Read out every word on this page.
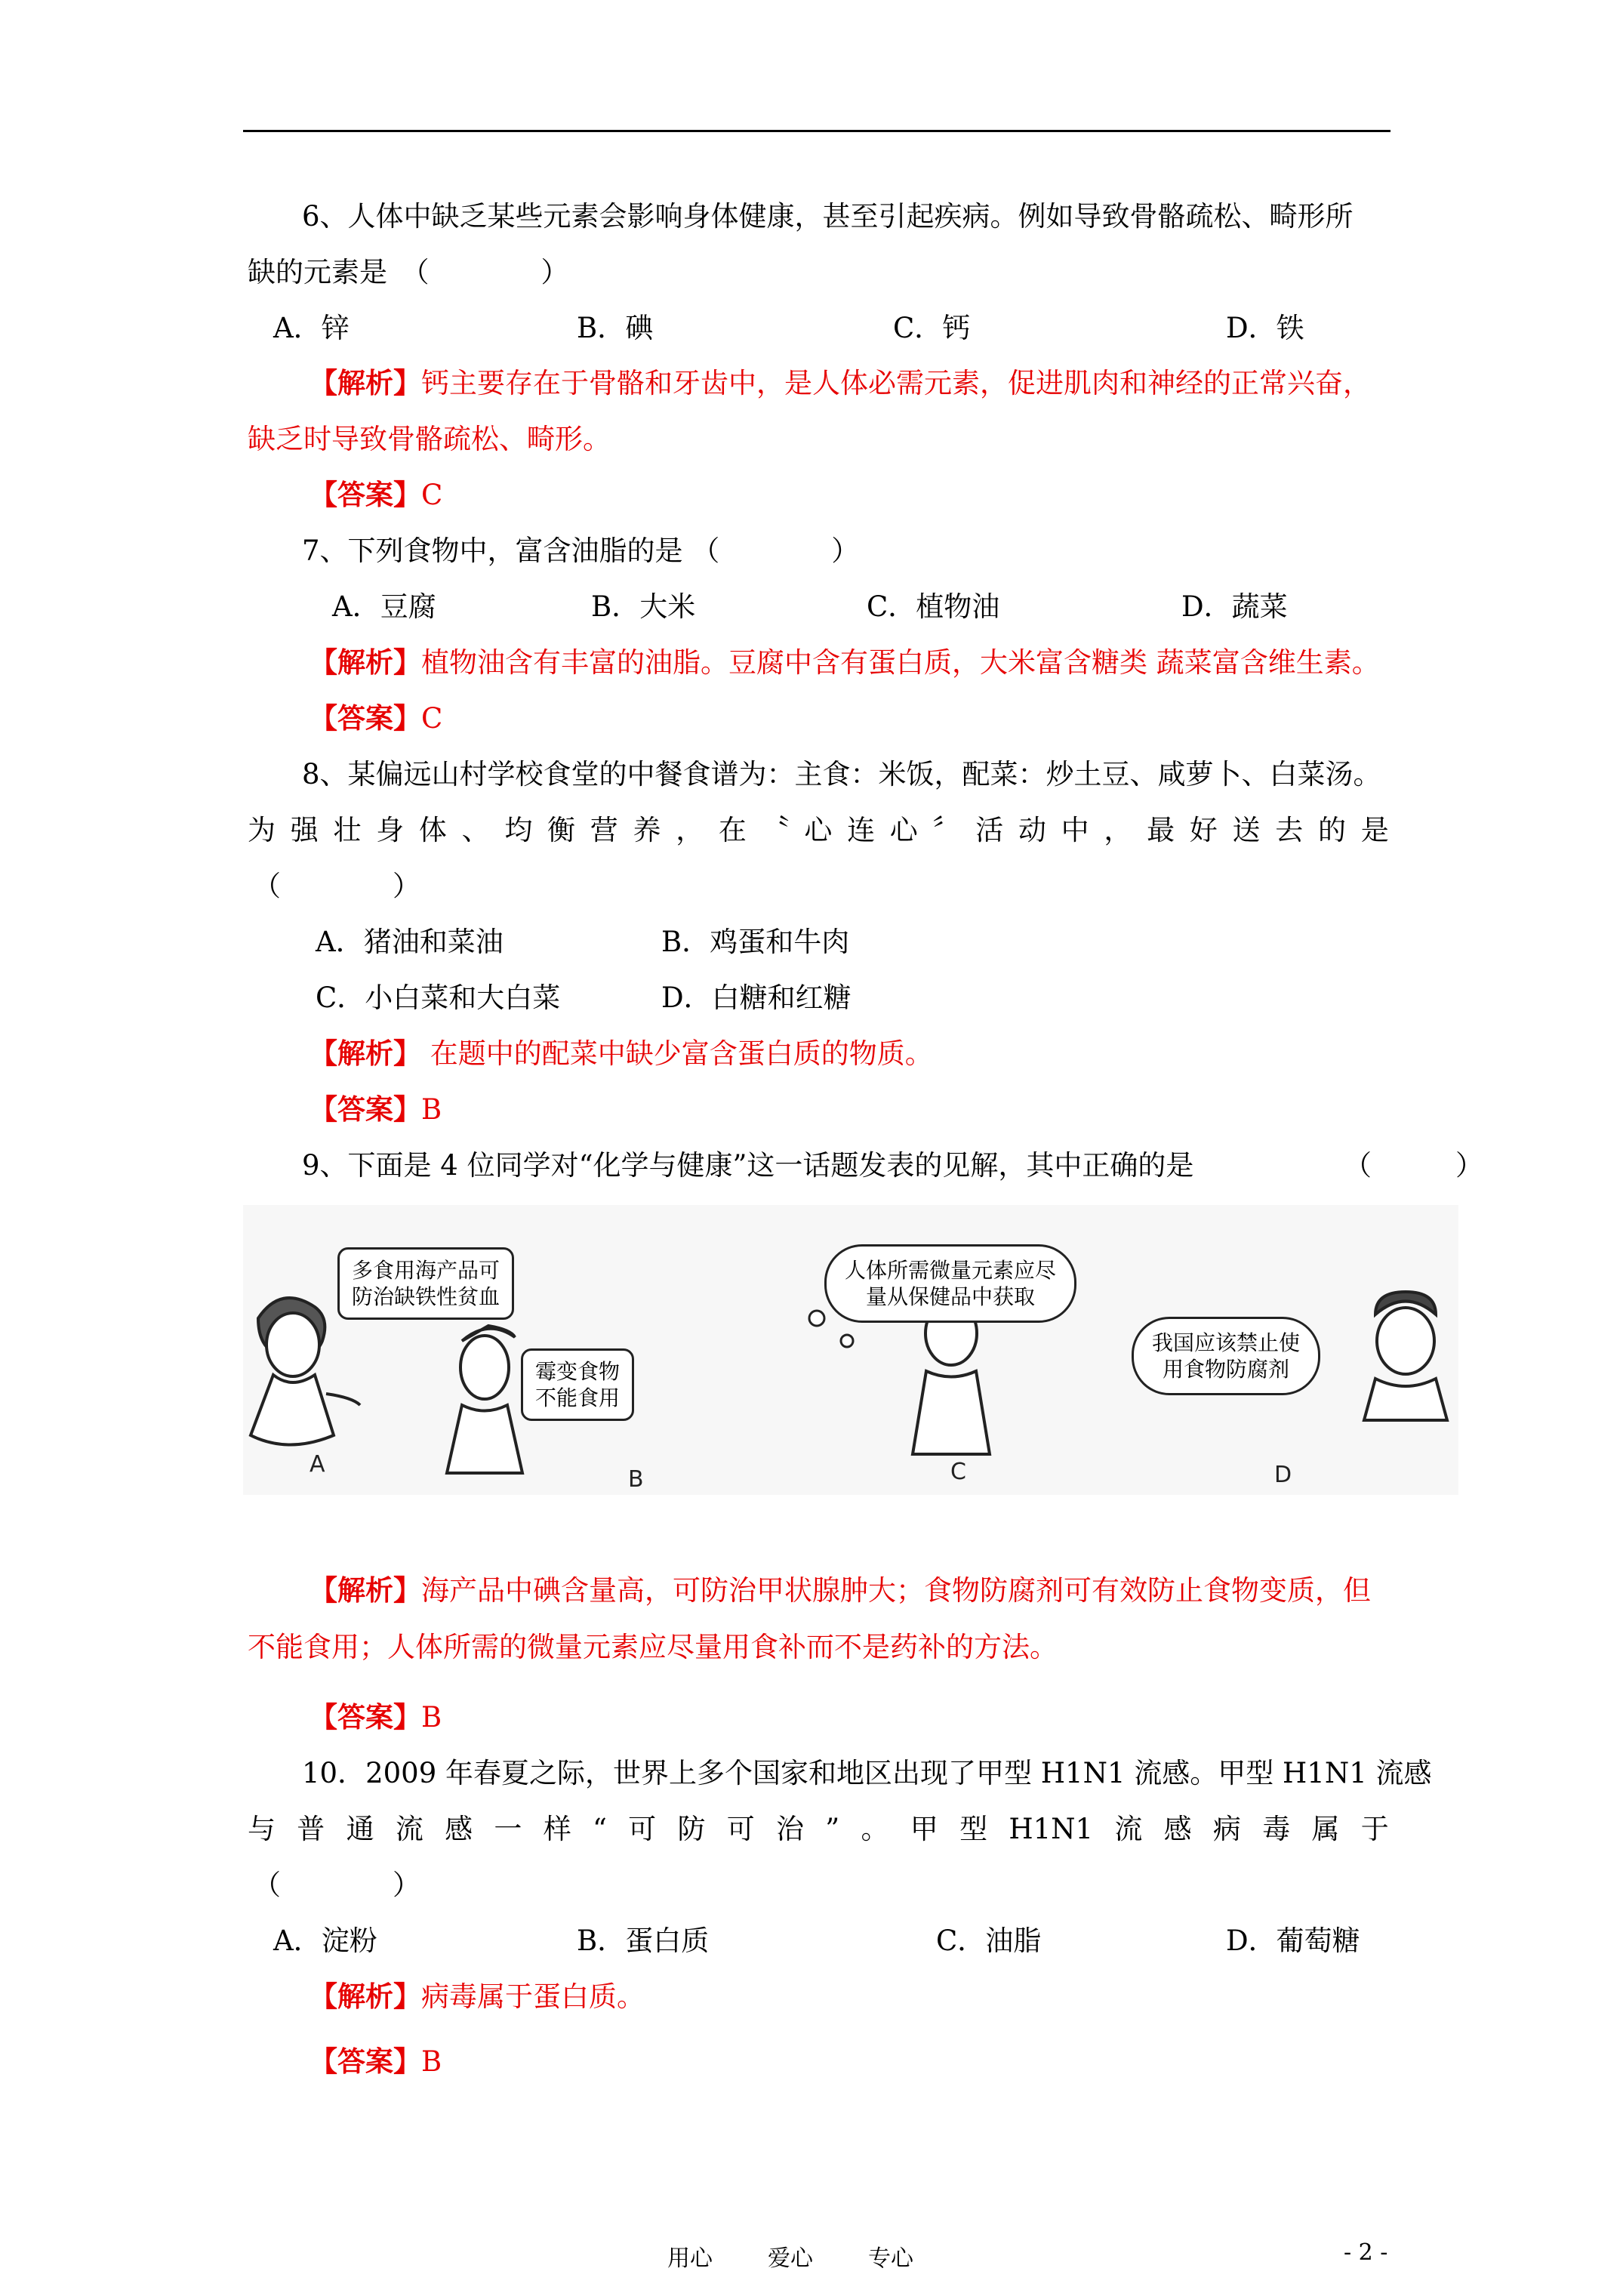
6、人体中缺乏某些元素会影响身体健康，甚至引起疾病。例如导致骨骼疏松、畸形所
缺的元素是　（　　　　）
A．锌	B．碘	C．钙	D．铁
【解析】钙主要存在于骨骼和牙齿中，是人体必需元素，促进肌肉和神经的正常兴奋，
缺乏时导致骨骼疏松、畸形。
【答案】C
7、下列食物中，富含油脂的是 （　　　　）
A．豆腐	B．大米	C．植物油	D．蔬菜
【解析】植物油含有丰富的油脂。豆腐中含有蛋白质，大米富含糖类 蔬菜富含维生素。
【答案】C
8、某偏远山村学校食堂的中餐食谱为：主食：米饭，配菜：炒土豆、咸萝卜、白菜汤。
为 强 壮 身 体 、 均 衡 营 养 ， 在 〝 心 连 心 〞 活 动 中 ， 最 好 送 去 的 是
（　　　　）
A．猪油和菜油	B．鸡蛋和牛肉
C．小白菜和大白菜	D．白糖和红糖
【解析】 在题中的配菜中缺少富含蛋白质的物质。
【答案】B
9、下面是 4 位同学对“化学与健康”这一话题发表的见解，其中正确的是	（　　　）
多食用海产品可
防治缺铁性贫血
霉变食物
不能食用
人体所需微量元素应尽
量从保健品中获取
我国应该禁止使
用食物防腐剂
A
B	C	D
【解析】海产品中碘含量高，可防治甲状腺肿大；食物防腐剂可有效防止食物变质，但
不能食用；人体所需的微量元素应尽量用食补而不是药补的方法。
【答案】B
10．2009 年春夏之际，世界上多个国家和地区出现了甲型 H1N1 流感。甲型 H1N1 流感
与 普 通 流 感 一 样 “ 可 防 可 治 ” 。 甲 型 H1N1 流 感 病 毒 属 于
（　　　　）
A．淀粉	B．蛋白质	C．油脂	D．葡萄糖
【解析】病毒属于蛋白质。
【答案】B
用心 爱心 专心	- 2 -
